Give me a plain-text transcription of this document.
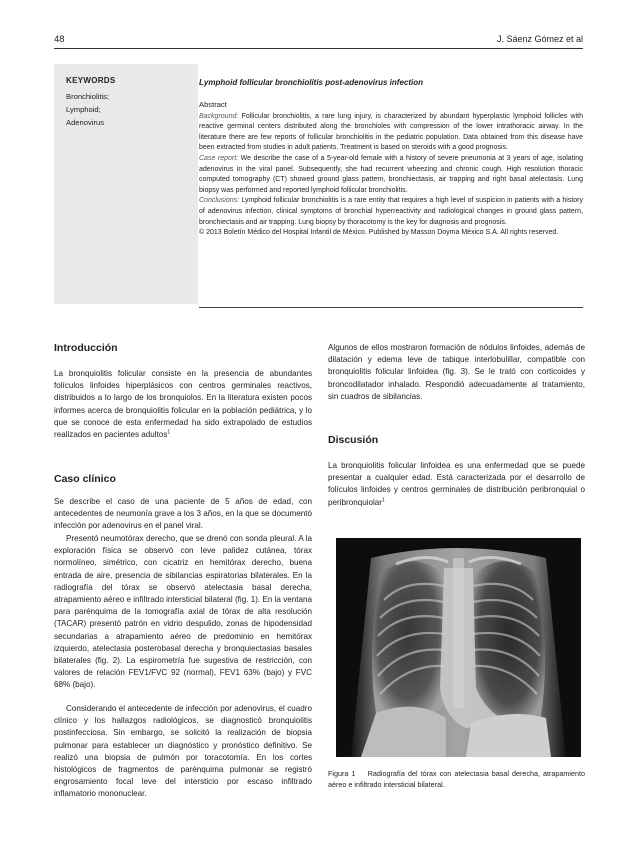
48	J. Sáenz Gómez et al
KEYWORDS
Bronchiolitis;
Lymphoid;
Adenovirus
Lymphoid follicular bronchiolitis post-adenovirus infection
Abstract
Background: Follicular bronchiolitis, a rare lung injury, is characterized by abundant hyperplastic lymphoid follicles with reactive germinal centers distributed along the bronchioles with compression of the lower intrathoracic airway. In the literature there are few reports of follicular bronchiolitis in the pediatric population. Data obtained from this disease have been extracted from studies in adult patients. Treatment is based on steroids with a good prognosis.
Case report: We describe the case of a 5-year-old female with a history of severe pneumonia at 3 years of age, isolating adenovirus in the viral panel. Subsequently, she had recurrent wheezing and chronic cough. High resolution thoracic computed tomography (CT) showed ground glass pattern, bronchiectasis, air trapping and right basal atelectasis. Lung biopsy was performed and reported lymphoid follicular bronchiolitis.
Conclusions: Lymphoid follicular bronchiolitis is a rare entity that requires a high level of suspicion in patients with a history of adenovirus infection, clinical symptoms of bronchial hyperreactivity and radiological changes in ground glass pattern, bronchiectasis and air trapping. Lung biopsy by thoracotomy is the key for diagnosis and prognosis.
© 2013 Boletín Médico del Hospital Infantil de México. Published by Masson Doyma México S.A. All rights reserved.
Introducción

La bronquiolitis folicular consiste en la presencia de abundantes folículos linfoides hiperplásicos con centros germinales reactivos, distribuidos a lo largo de los bronquiolos. En la literatura existen pocos informes acerca de bronquiolitis folicular en la población pediátrica, y lo que se conoce de esta enfermedad ha sido extrapolado de estudios realizados en pacientes adultos$^1$

Caso clínico

Se describe el caso de una paciente de 5 años de edad, con antecedentes de neumonía grave a los 3 años, en la que se documentó infección por adenovirus en el panel viral.

Presentó neumotórax derecho, que se drenó con sonda pleural. A la exploración física se observó con leve palidez cutánea, tórax normolíneo, simétrico, con cicatriz en hemitórax derecho, buena entrada de aire, presencia de sibilancias espiratorias bilaterales. En la radiografía del tórax se observó atelectasia basal derecha, atrapamiento aéreo e infiltrado intersticial bilateral (fig. 1). En la ventana para parénquima de la tomografía axial de tórax de alta resolución (TACAR) presentó patrón en vidrio despulido, zonas de hipodensidad secundarias a atrapamiento aéreo de predominio en hemitórax izquierdo, atelectasia posterobasal derecha y bronquiectasias basales bilaterales (fig. 2). La espirometría fue sugestiva de restricción, con valores de relación FEV1/FVC 92 (normal), FEV1 63% (bajo) y FVC 68% (bajo).

Considerando el antecedente de infección por adenovirus, el cuadro clínico y los hallazgos radiológicos, se diagnosticó bronquiolitis postinfecciosa. Sin embargo, se solicitó la realización de biopsia pulmonar para establecer un diagnóstico y pronóstico definitivo. Se realizó una biopsia de pulmón por toracotomía. En los cortes histológicos de fragmentos de parénquima pulmonar se registró engrosamiento focal leve del intersticio por escaso infiltrado inflamatorio mononuclear.

Algunos de ellos mostraron formación de nódulos linfoides, además de dilatación y edema leve de tabique interlobulillar, compatible con bronquiolitis folicular linfoidea (fig. 3). Se le trató con corticoides y broncodilatador inhalado. Respondió adecuadamente al tratamiento, sin cuadros de sibilancias.

Discusión

La bronquiolitis folicular linfoidea es una enfermedad que se puede presentar a cualquier edad. Está caracterizada por el desarrollo de folículos linfoides y centros germinales de distribución peribronquial o peribronquiolar$^1$

Figura 1 Radiografía del tórax con atelectasia basal derecha, atrapamiento aéreo e infiltrado intersticial bilateral.
